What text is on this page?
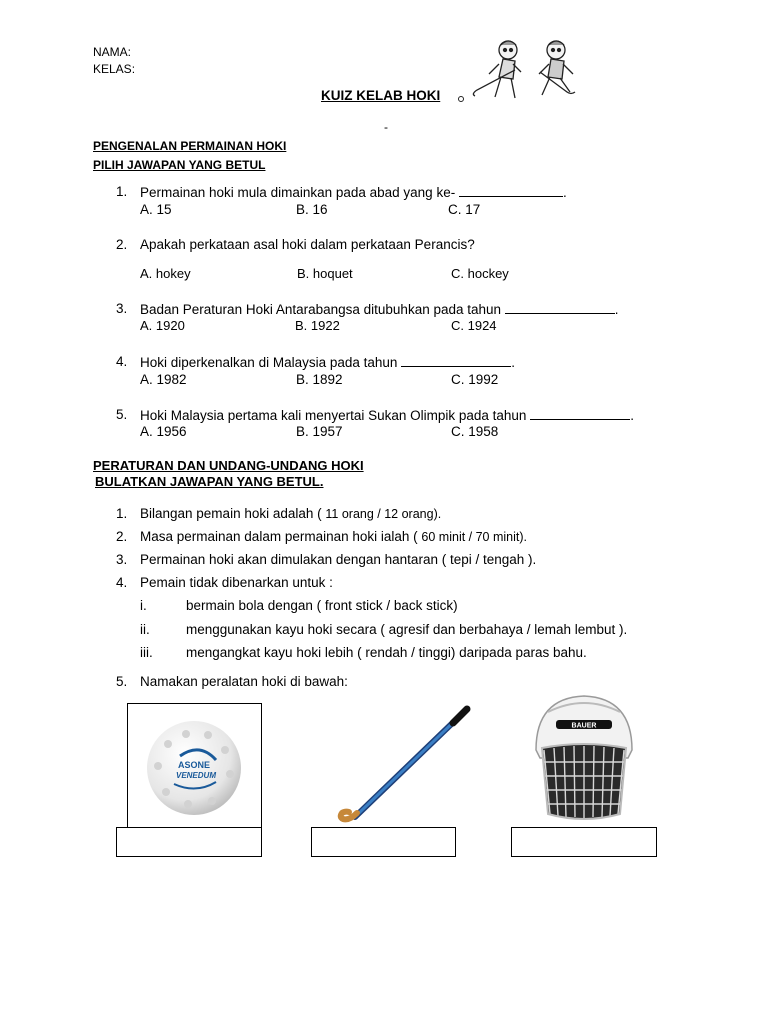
NAMA:
KELAS:
KUIZ KELAB HOKI
-
PENGENALAN PERMAINAN HOKI
PILIH JAWAPAN YANG BETUL
1. Permainan hoki mula dimainkan pada abad yang ke-	.
A. 15	B. 16	C. 17
2. Apakah perkataan asal hoki dalam perkataan Perancis?
A. hokey	B. hoquet	C. hockey
3. Badan Peraturan Hoki Antarabangsa ditubuhkan pada tahun	.
A. 1920	B. 1922	C. 1924
4. Hoki diperkenalkan di Malaysia pada tahun	.
A. 1982	B. 1892	C. 1992
5. Hoki Malaysia pertama kali menyertai Sukan Olimpik pada tahun	.
A. 1956	B. 1957	C. 1958
PERATURAN DAN UNDANG-UNDANG HOKI
BULATKAN JAWAPAN YANG BETUL.
1. Bilangan pemain hoki adalah ( 11 orang / 12 orang).
2. Masa permainan dalam permainan hoki ialah ( 60 minit / 70 minit).
3. Permainan hoki akan dimulakan dengan hantaran ( tepi / tengah ).
4. Pemain tidak dibenarkan untuk :
i.	bermain bola dengan ( front stick / back stick)
ii.	menggunakan kayu hoki secara ( agresif dan berbahaya / lemah lembut ).
iii. mengangkat kayu hoki lebih ( rendah / tinggi) daripada paras bahu.
5. Namakan peralatan hoki di bawah:
ASONE
VENEDUM
BAUER
